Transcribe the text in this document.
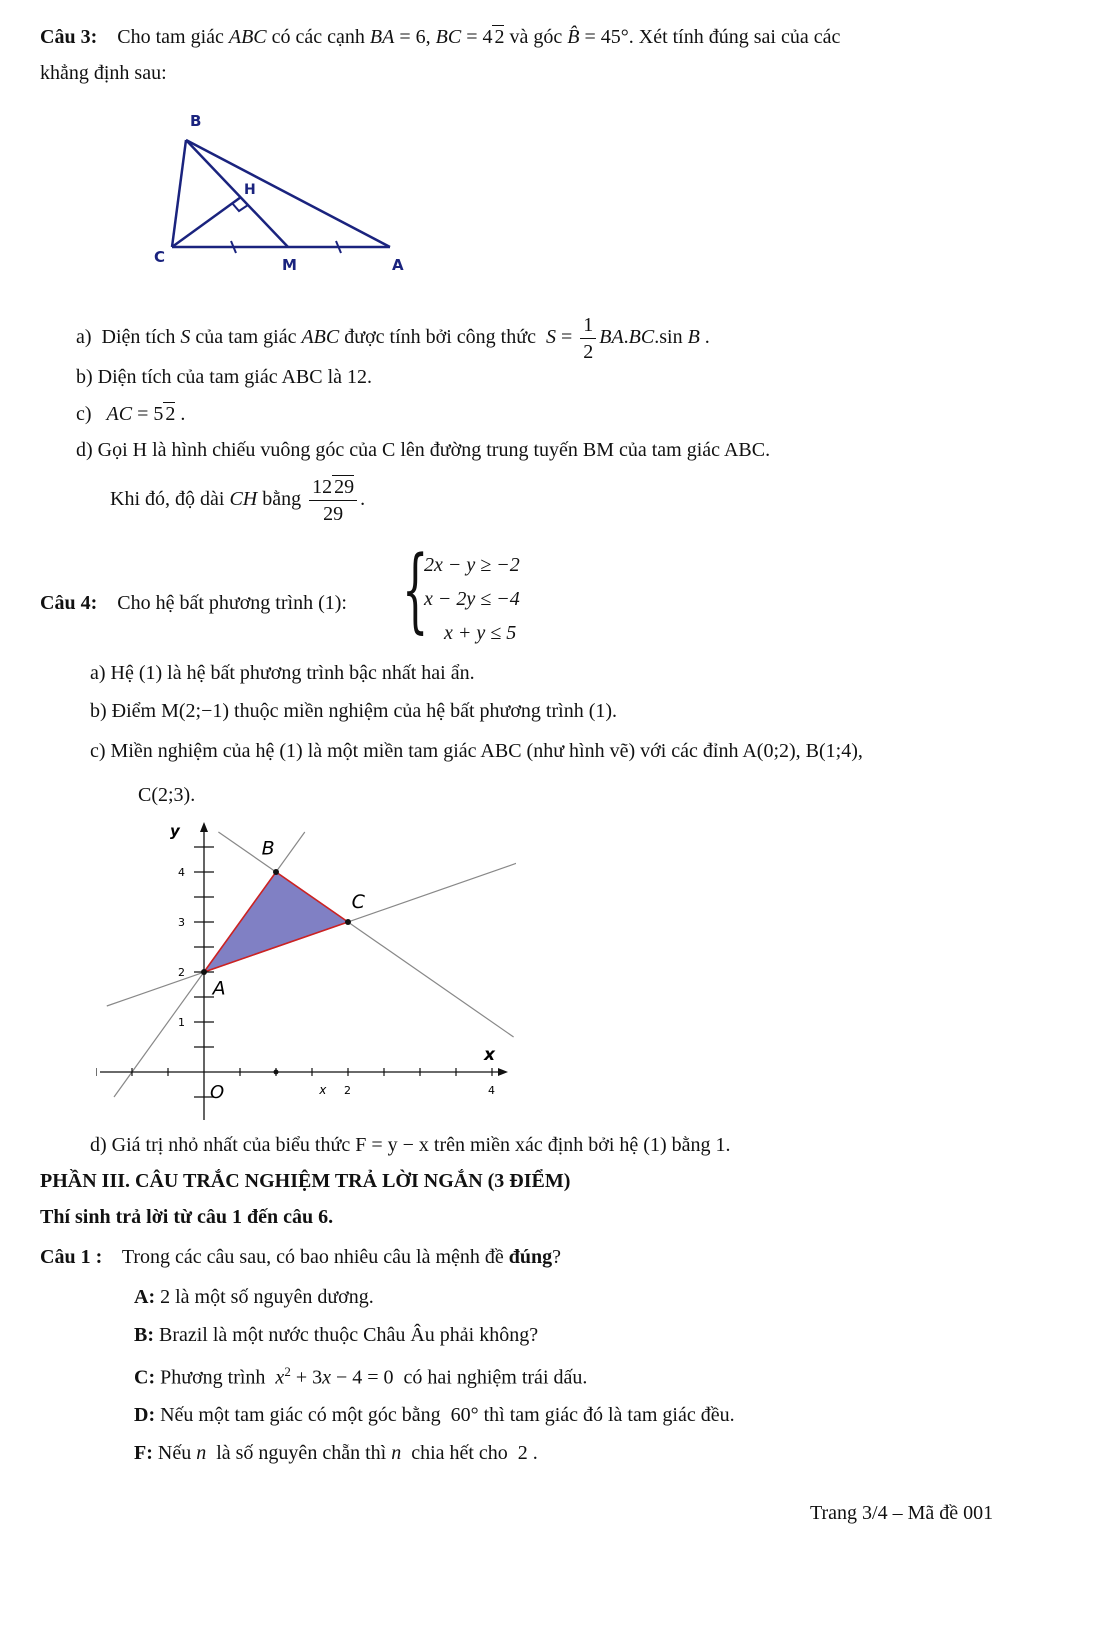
Câu 3:    Cho tam giác ABC có các cạnh BA = 6, BC = 4 2 và góc B̂ = 45°. Xét tính đúng sai của các
khẳng định sau:
B
H
C	M	A
a)  Diện tích S của tam giác ABC được tính bởi công thức  $S = \frac{1}{2} BA.BC.\sin$ B .
b) Diện tích của tam giác ABC là 12.
c)   AC = 5 2 .
d) Gọi H là hình chiếu vuông góc của C lên đường trung tuyến BM của tam giác ABC.
Khi đó, độ dài CH bằng $\frac{12 29}{29}$ .
Câu 4: Cho hệ bất phương trình (1): {
2x − y ≥ −2
x − 2y ≤ −4
x + y ≤ 5
a) Hệ (1) là hệ bất phương trình bậc nhất hai ẩn.
b) Điểm M(2;−1) thuộc miền nghiệm của hệ bất phương trình (1).
c) Miền nghiệm của hệ (1) là một miền tam giác ABC (như hình vẽ) với các đỉnh A(0;2), B(1;4),
C(2;3).
2	4
1
2
3
4
y
x
O	x
A
B
C
d) Giá trị nhỏ nhất của biểu thức F = y − x trên miền xác định bởi hệ (1) bằng 1.
PHẦN III. CÂU TRẮC NGHIỆM TRẢ LỜI NGẮN (3 ĐIỂM)
Thí sinh trả lời từ câu 1 đến câu 6.
Câu 1 :    Trong các câu sau, có bao nhiêu câu là mệnh đề đúng?
A: 2 là một số nguyên dương.
B: Brazil là một nước thuộc Châu Âu phải không?
C: Phương trình  $x^2 + 3x - 4 = 0$  có hai nghiệm trái dấu.
D: Nếu một tam giác có một góc bằng  60° thì tam giác đó là tam giác đều.
F: Nếu n  là số nguyên chẵn thì n  chia hết cho  2 .
Trang 3/4 – Mã đề 001
